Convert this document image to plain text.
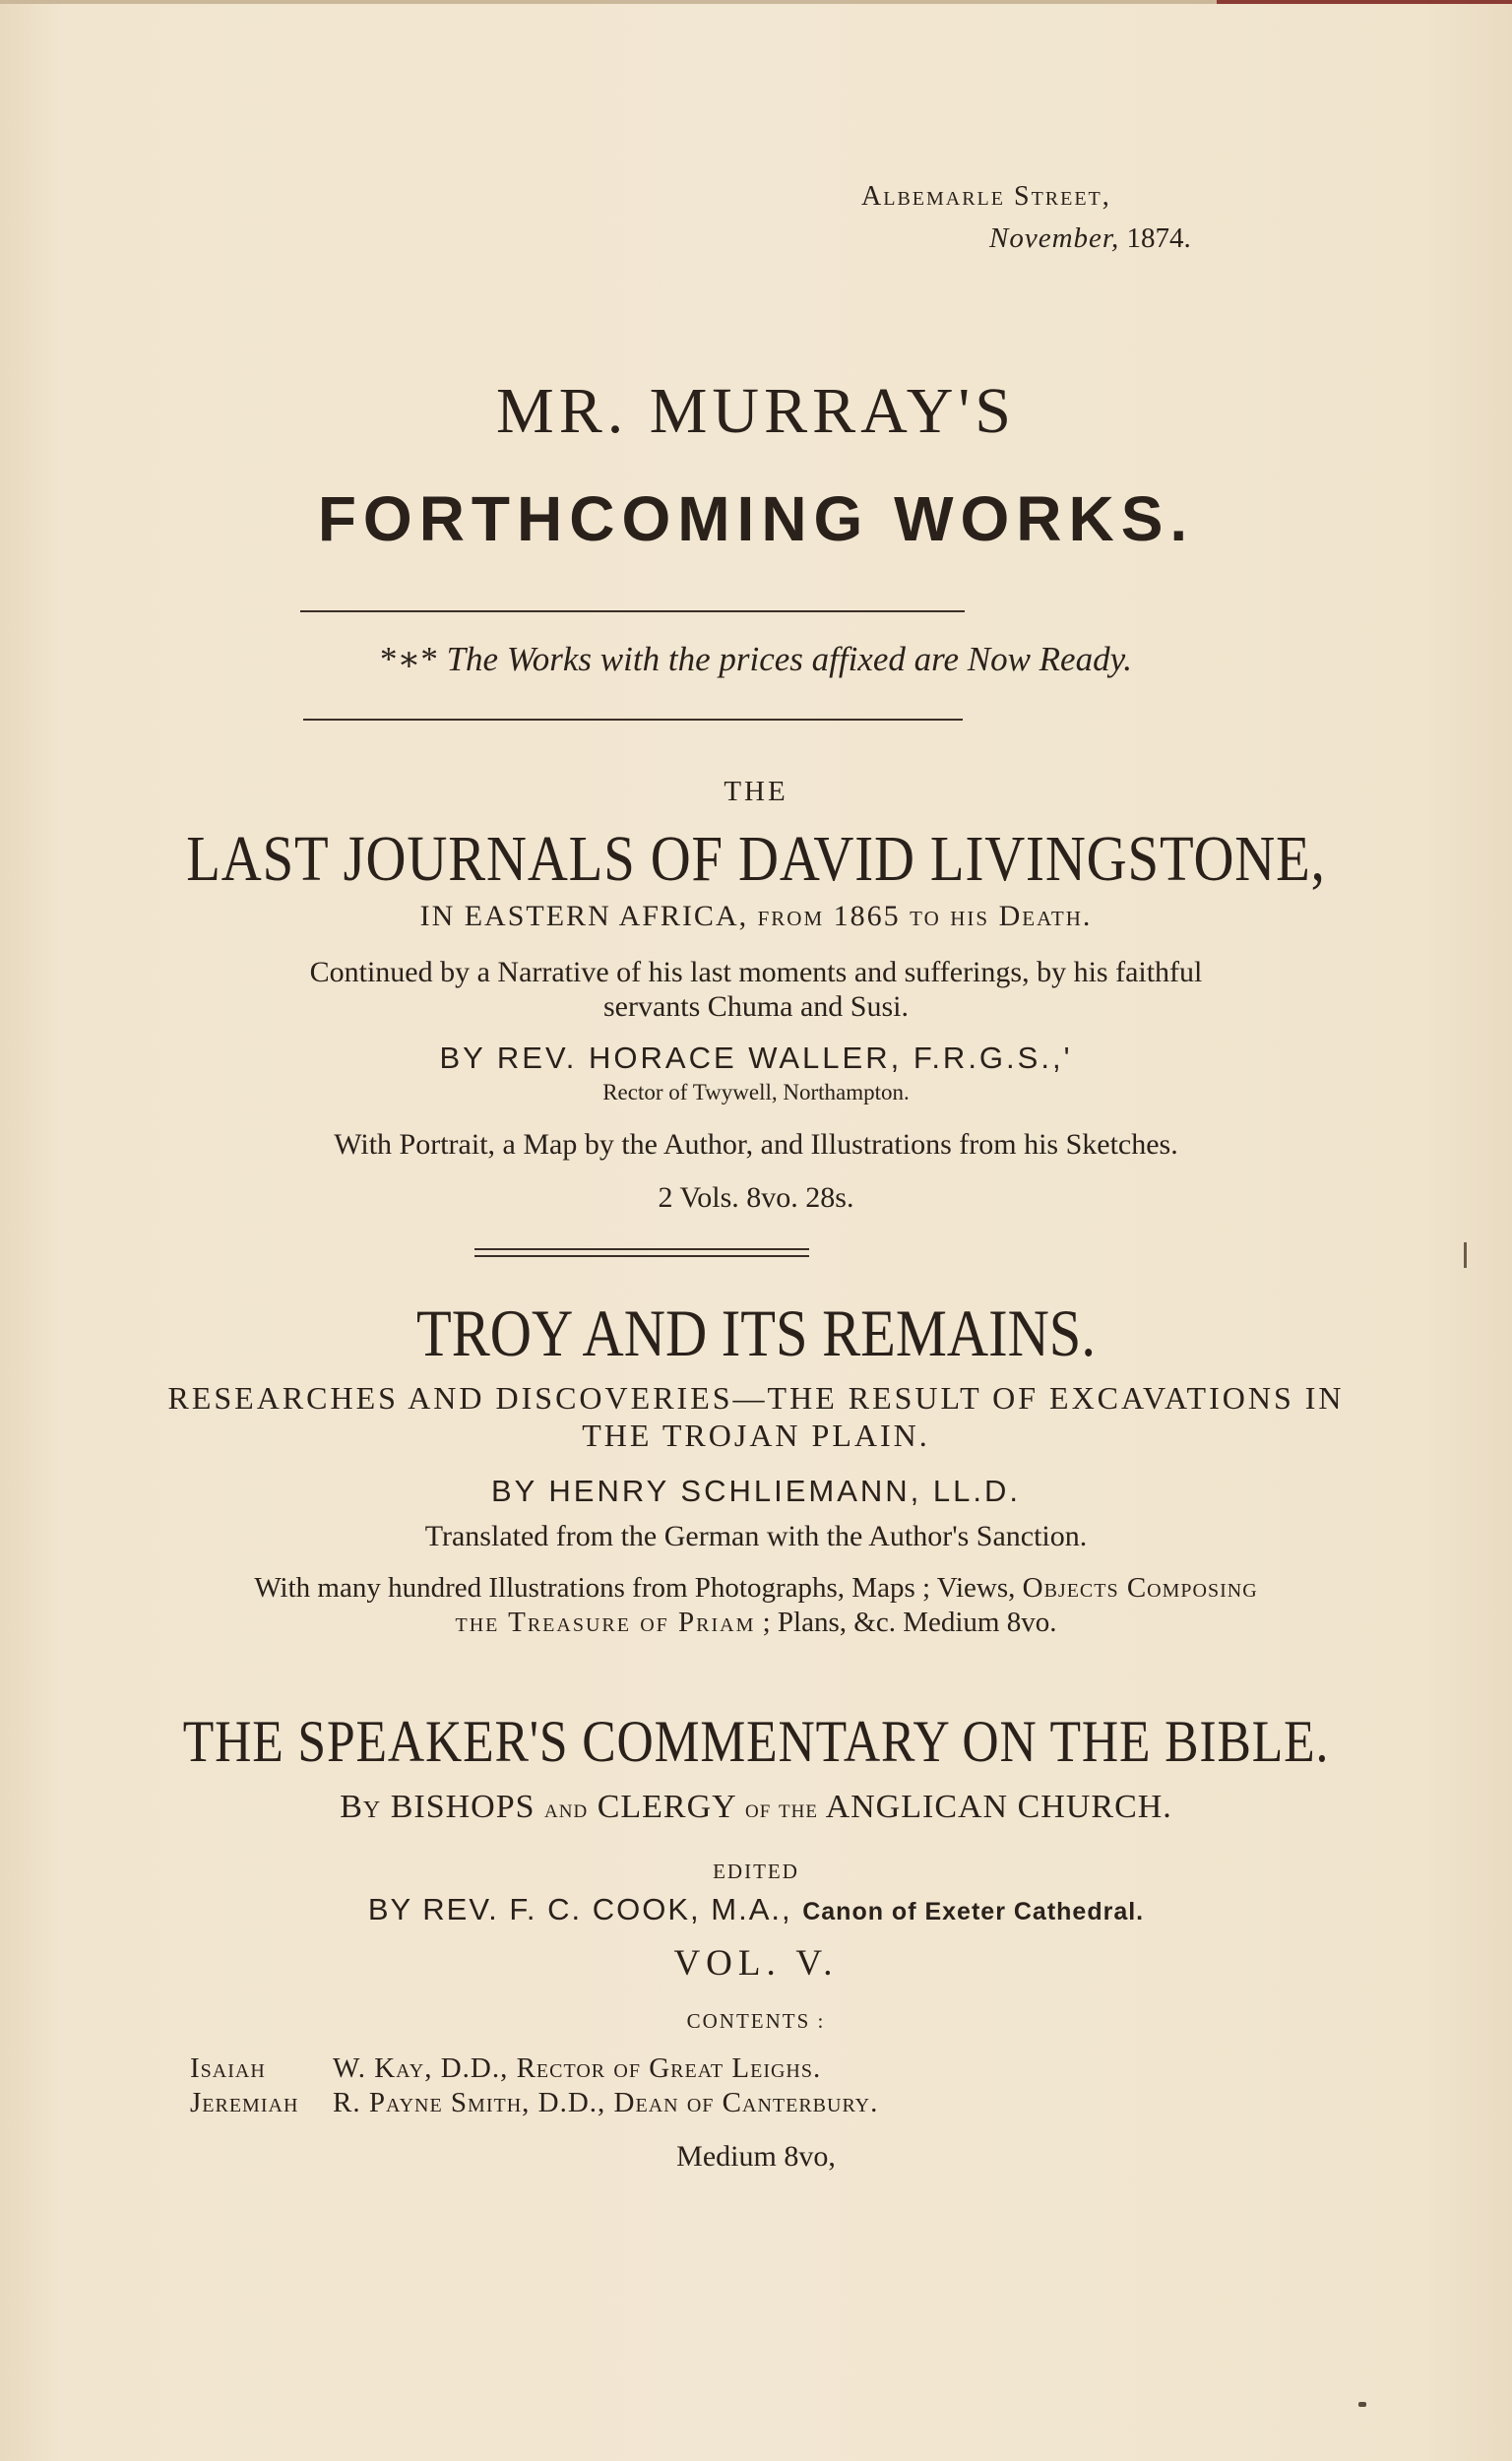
Albemarle Street,
November, 1874.
MR. MURRAY'S
FORTHCOMING WORKS.
*∗* The Works with the prices affixed are Now Ready.
THE
LAST JOURNALS OF DAVID LIVINGSTONE,
IN EASTERN AFRICA, from 1865 to his Death.
Continued by a Narrative of his last moments and sufferings, by his faithful
servants Chuma and Susi.
BY REV. HORACE WALLER, F.R.G.S.,'
Rector of Twywell, Northampton.
With Portrait, a Map by the Author, and Illustrations from his Sketches.
2 Vols. 8vo. 28s.
TROY AND ITS REMAINS.
RESEARCHES AND DISCOVERIES—THE RESULT OF EXCAVATIONS IN
THE TROJAN PLAIN.
BY HENRY SCHLIEMANN, LL.D.
Translated from the German with the Author's Sanction.
With many hundred Illustrations from Photographs, Maps ; Views, Objects Composing
the Treasure of Priam ; Plans, &c. Medium 8vo.
THE SPEAKER'S COMMENTARY ON THE BIBLE.
By BISHOPS and CLERGY of the ANGLICAN CHURCH.
EDITED
BY REV. F. C. COOK, M.A., Canon of Exeter Cathedral.
VOL. V.
CONTENTS :
Isaiah W. Kay, D.D., Rector of Great Leighs.
Jeremiah R. Payne Smith, D.D., Dean of Canterbury.
Medium 8vo,
